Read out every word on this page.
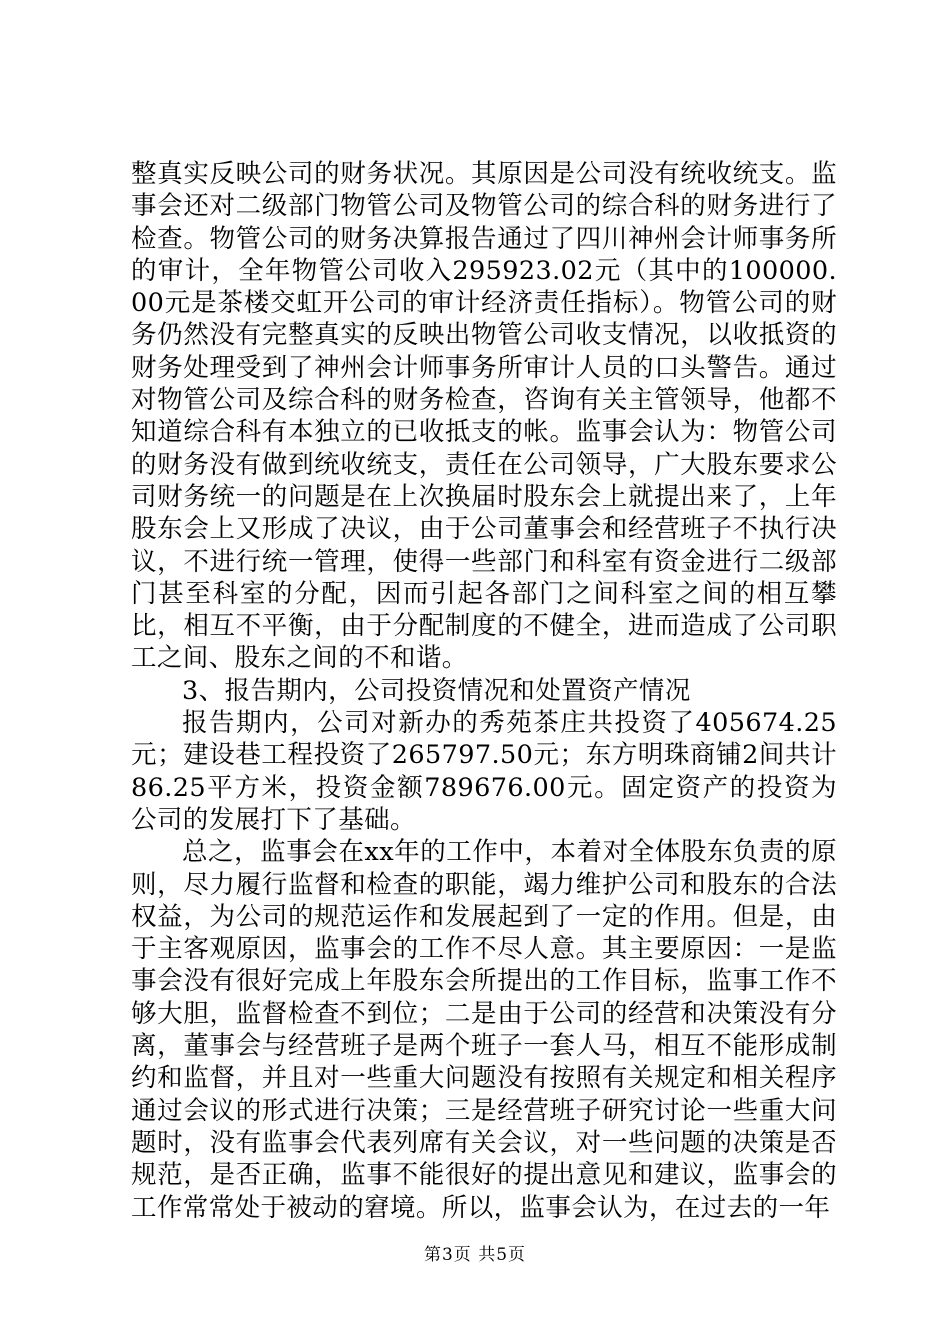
整真实反映公司的财务状况。其原因是公司没有统收统支。监事会还对二级部门物管公司及物管公司的综合科的财务进行了检查。物管公司的财务决算报告通过了四川神州会计师事务所的审计，全年物管公司收入295923.02元（其中的100000.00元是茶楼交虹开公司的审计经济责任指标）。物管公司的财务仍然没有完整真实的反映出物管公司收支情况，以收抵资的财务处理受到了神州会计师事务所审计人员的口头警告。通过对物管公司及综合科的财务检查，咨询有关主管领导，他都不知道综合科有本独立的已收抵支的帐。监事会认为：物管公司的财务没有做到统收统支，责任在公司领导，广大股东要求公司财务统一的问题是在上次换届时股东会上就提出来了，上年股东会上又形成了决议，由于公司董事会和经营班子不执行决议，不进行统一管理，使得一些部门和科室有资金进行二级部门甚至科室的分配，因而引起各部门之间科室之间的相互攀比，相互不平衡，由于分配制度的不健全，进而造成了公司职工之间、股东之间的不和谐。

3、报告期内，公司投资情况和处置资产情况

报告期内，公司对新办的秀苑茶庄共投资了405674.25元；建设巷工程投资了265797.50元；东方明珠商铺2间共计86.25平方米，投资金额789676.00元。固定资产的投资为公司的发展打下了基础。

总之，监事会在xx年的工作中，本着对全体股东负责的原则，尽力履行监督和检查的职能，竭力维护公司和股东的合法权益，为公司的规范运作和发展起到了一定的作用。但是，由于主客观原因，监事会的工作不尽人意。其主要原因：一是监事会没有很好完成上年股东会所提出的工作目标，监事工作不够大胆，监督检查不到位；二是由于公司的经营和决策没有分离，董事会与经营班子是两个班子一套人马，相互不能形成制约和监督，并且对一些重大问题没有按照有关规定和相关程序通过会议的形式进行决策；三是经营班子研究讨论一些重大问题时，没有监事会代表列席有关会议，对一些问题的决策是否规范，是否正确，监事不能很好的提出意见和建议，监事会的工作常常处于被动的窘境。所以，监事会认为，在过去的一年

第3页 共5页
